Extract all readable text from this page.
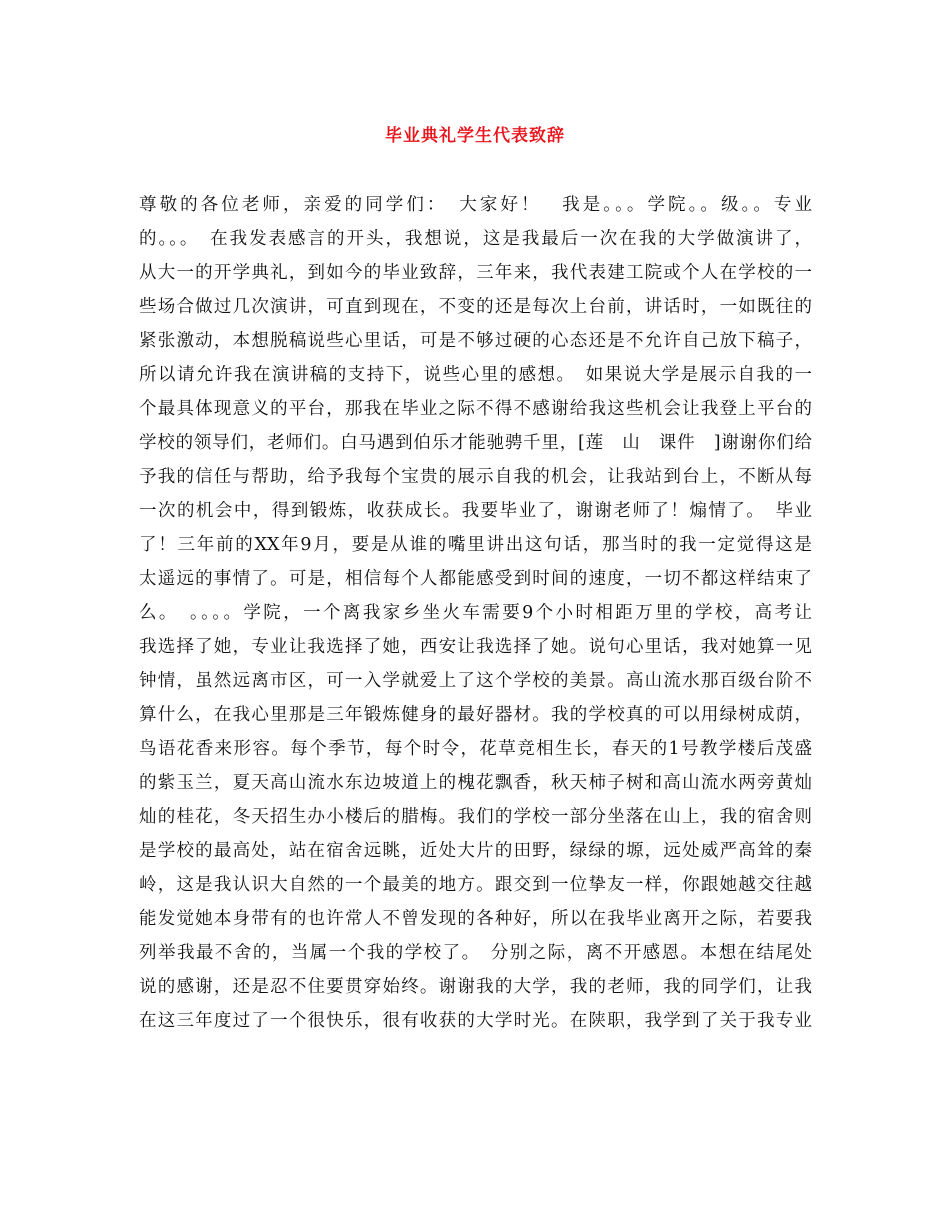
毕业典礼学生代表致辞
尊敬的各位老师，亲爱的同学们：　大家好！　我是。。。学院。。级。。专业
的。。。　在我发表感言的开头，我想说，这是我最后一次在我的大学做演讲了，
从大一的开学典礼，到如今的毕业致辞，三年来，我代表建工院或个人在学校的一
些场合做过几次演讲，可直到现在，不变的还是每次上台前，讲话时，一如既往的
紧张激动，本想脱稿说些心里话，可是不够过硬的心态还是不允许自己放下稿子，
所以请允许我在演讲稿的支持下，说些心里的感想。　如果说大学是展示自我的一
个最具体现意义的平台，那我在毕业之际不得不感谢给我这些机会让我登上平台的
学校的领导们，老师们。白马遇到伯乐才能驰骋千里，[莲　山　课件　]谢谢你们给
予我的信任与帮助，给予我每个宝贵的展示自我的机会，让我站到台上，不断从每
一次的机会中，得到锻炼，收获成长。我要毕业了，谢谢老师了！煽情了。　毕业
了！三年前的XX年9月，要是从谁的嘴里讲出这句话，那当时的我一定觉得这是
太遥远的事情了。可是，相信每个人都能感受到时间的速度，一切不都这样结束了
么。　。。。。学院，一个离我家乡坐火车需要9个小时相距万里的学校，高考让
我选择了她，专业让我选择了她，西安让我选择了她。说句心里话，我对她算一见
钟情，虽然远离市区，可一入学就爱上了这个学校的美景。高山流水那百级台阶不
算什么，在我心里那是三年锻炼健身的最好器材。我的学校真的可以用绿树成荫，
鸟语花香来形容。每个季节，每个时令，花草竞相生长，春天的1号教学楼后茂盛
的紫玉兰，夏天高山流水东边坡道上的槐花飘香，秋天柿子树和高山流水两旁黄灿
灿的桂花，冬天招生办小楼后的腊梅。我们的学校一部分坐落在山上，我的宿舍则
是学校的最高处，站在宿舍远眺，近处大片的田野，绿绿的塬，远处威严高耸的秦
岭，这是我认识大自然的一个最美的地方。跟交到一位挚友一样，你跟她越交往越
能发觉她本身带有的也许常人不曾发现的各种好，所以在我毕业离开之际，若要我
列举我最不舍的，当属一个我的学校了。　分别之际，离不开感恩。本想在结尾处
说的感谢，还是忍不住要贯穿始终。谢谢我的大学，我的老师，我的同学们，让我
在这三年度过了一个很快乐，很有收获的大学时光。在陕职，我学到了关于我专业
